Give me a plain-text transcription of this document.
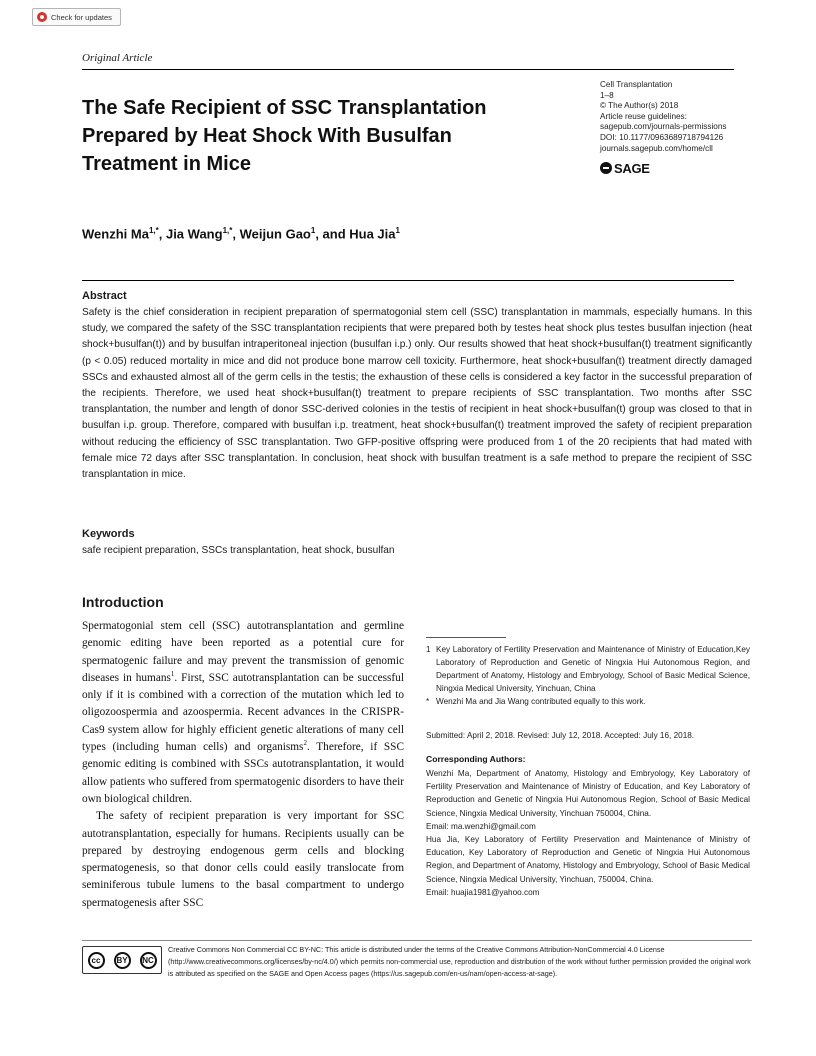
Check for updates
Original Article
The Safe Recipient of SSC Transplantation
Prepared by Heat Shock With Busulfan
Treatment in Mice
Cell Transplantation
1–8
© The Author(s) 2018
Article reuse guidelines:
sagepub.com/journals-permissions
DOI: 10.1177/0963689718794126
journals.sagepub.com/home/cll
SAGE
Wenzhi $Ma^{1,*}$, Jia Wang$^{1,*}$, Weijun Gao$^1$, and Hua Jia$^1$
Abstract
Safety is the chief consideration in recipient preparation of spermatogonial stem cell (SSC) transplantation in mammals, especially humans. In this study, we compared the safety of the SSC transplantation recipients that were prepared both by testes heat shock plus testes busulfan injection (heat shock+busulfan(t)) and by busulfan intraperitoneal injection (busulfan i.p.) only. Our results showed that heat shock+busulfan(t) treatment significantly (p < 0.05) reduced mortality in mice and did not produce bone marrow cell toxicity. Furthermore, heat shock+busulfan(t) treatment directly damaged SSCs and exhausted almost all of the germ cells in the testis; the exhaustion of these cells is considered a key factor in the successful preparation of the recipients. Therefore, we used heat shock+busulfan(t) treatment to prepare recipients of SSC transplantation. Two months after SSC transplantation, the number and length of donor SSC-derived colonies in the testis of recipient in heat shock+busulfan(t) group was closed to that in busulfan i.p. group. Therefore, compared with busulfan i.p. treatment, heat shock+busulfan(t) treatment improved the safety of recipient preparation without reducing the efficiency of SSC transplantation. Two GFP-positive offspring were produced from 1 of the 20 recipients that had mated with female mice 72 days after SSC transplantation. In conclusion, heat shock with busulfan treatment is a safe method to prepare the recipient of SSC transplantation in mice.
Keywords
safe recipient preparation, SSCs transplantation, heat shock, busulfan
Introduction

Spermatogonial stem cell (SSC) autotransplantation and germline genomic editing have been reported as a potential cure for spermatogenic failure and may prevent the transmission of genomic diseases in humans$^1$. First, SSC autotransplantation can be successful only if it is combined with a correction of the mutation which led to oligozoospermia and azoospermia. Recent advances in the CRISPR-Cas9 system allow for highly efficient genetic alterations of many cell types (including human cells) and organisms$^2$. Therefore, if SSC genomic editing is combined with SSCs autotransplantation, it would allow patients who suffered from spermatogenic disorders to have their own biological children.

The safety of recipient preparation is very important for SSC autotransplantation, especially for humans. Recipients usually can be prepared by destroying endogenous germ cells and blocking spermatogenesis, so that donor cells could easily translocate from seminiferous tubule lumens to the basal compartment to undergo spermatogenesis after SSC

1 Key Laboratory of Fertility Preservation and Maintenance of Ministry of Education,Key Laboratory of Reproduction and Genetic of Ningxia Hui Autonomous Region, and Department of Anatomy, Histology and Embryology, School of Basic Medical Science, Ningxia Medical University, Yinchuan, China
* Wenzhi Ma and Jia Wang contributed equally to this work.
Submitted: April 2, 2018. Revised: July 12, 2018. Accepted: July 16, 2018.
Corresponding Authors:

Wenzhi Ma, Department of Anatomy, Histology and Embryology, Key Laboratory of Fertility Preservation and Maintenance of Ministry of Education, and Key Laboratory of Reproduction and Genetic of Ningxia Hui Autonomous Region, School of Basic Medical Science, Ningxia Medical University, Yinchuan 750004, China.

Email: ma.wenzhi@gmail.com

Hua Jia, Key Laboratory of Fertility Preservation and Maintenance of Ministry of Education, Key Laboratory of Reproduction and Genetic of Ningxia Hui Autonomous Region, and Department of Anatomy, Histology and Embryology, School of Basic Medical Science, Ningxia Medical University, Yinchuan, 750004, China.

Email: huajia1981@yahoo.com

cc	BY	NC
Creative Commons Non Commercial CC BY-NC: This article is distributed under the terms of the Creative Commons Attribution-NonCommercial 4.0 License (http://www.creativecommons.org/licenses/by-nc/4.0/) which permits non-commercial use, reproduction and distribution of the work without further permission provided the original work is attributed as specified on the SAGE and Open Access pages (https://us.sagepub.com/en-us/nam/open-access-at-sage).
